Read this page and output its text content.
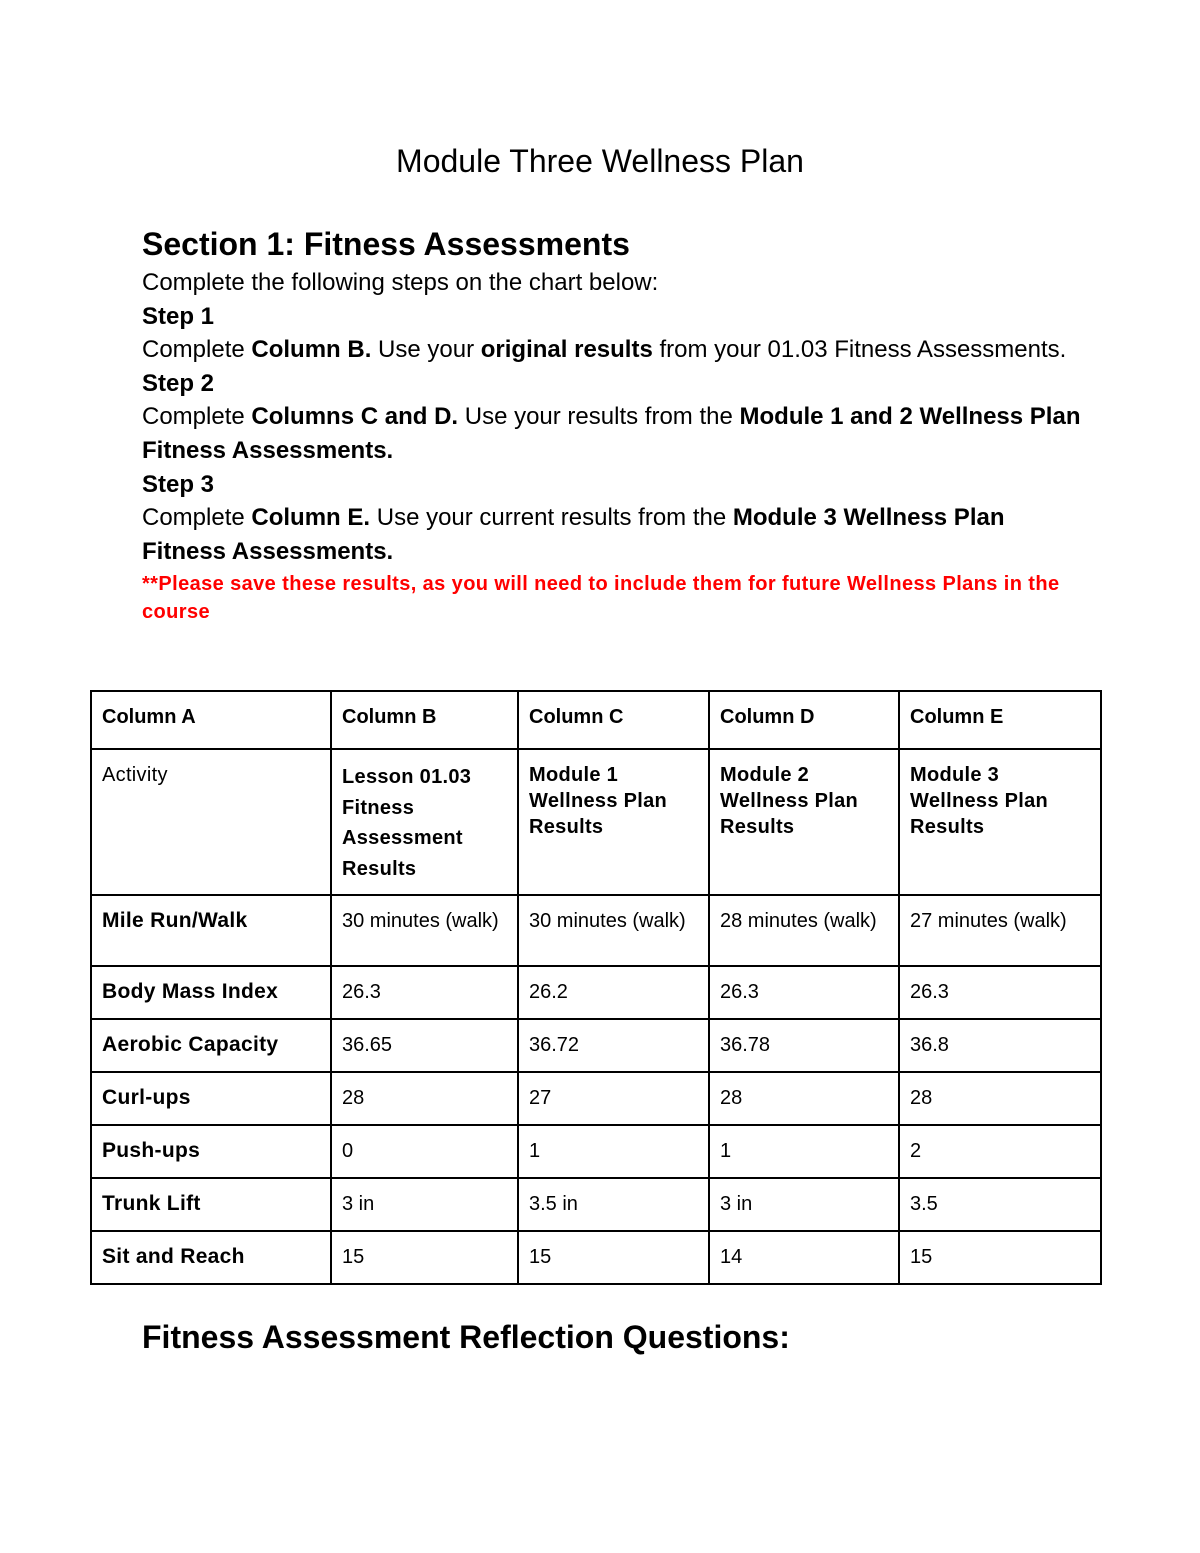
Module Three Wellness Plan
Section 1: Fitness Assessments

Complete the following steps on the chart below:

Step 1

Complete Column B. Use your original results from your 01.03 Fitness Assessments.

Step 2

Complete Columns C and D. Use your results from the Module 1 and 2 Wellness Plan Fitness Assessments.

Step 3

Complete Column E. Use your current results from the Module 3 Wellness Plan Fitness Assessments.

**Please save these results, as you will need to include them for future Wellness Plans in the course

Column A	Column B	Column C	Column D	Column E
Activity	Lesson 01.03 Fitness Assessment Results	Module 1 Wellness Plan Results	Module 2 Wellness Plan Results	Module 3 Wellness Plan Results
Mile Run/Walk	30 minutes (walk)	30 minutes (walk)	28 minutes (walk)	27 minutes (walk)
Body Mass Index	26.3	26.2	26.3	26.3
Aerobic Capacity	36.65	36.72	36.78	36.8
Curl-ups	28	27	28	28
Push-ups	0	1	1	2
Trunk Lift	3 in	3.5 in	3 in	3.5
Sit and Reach	15	15	14	15
Fitness Assessment Reflection Questions:
